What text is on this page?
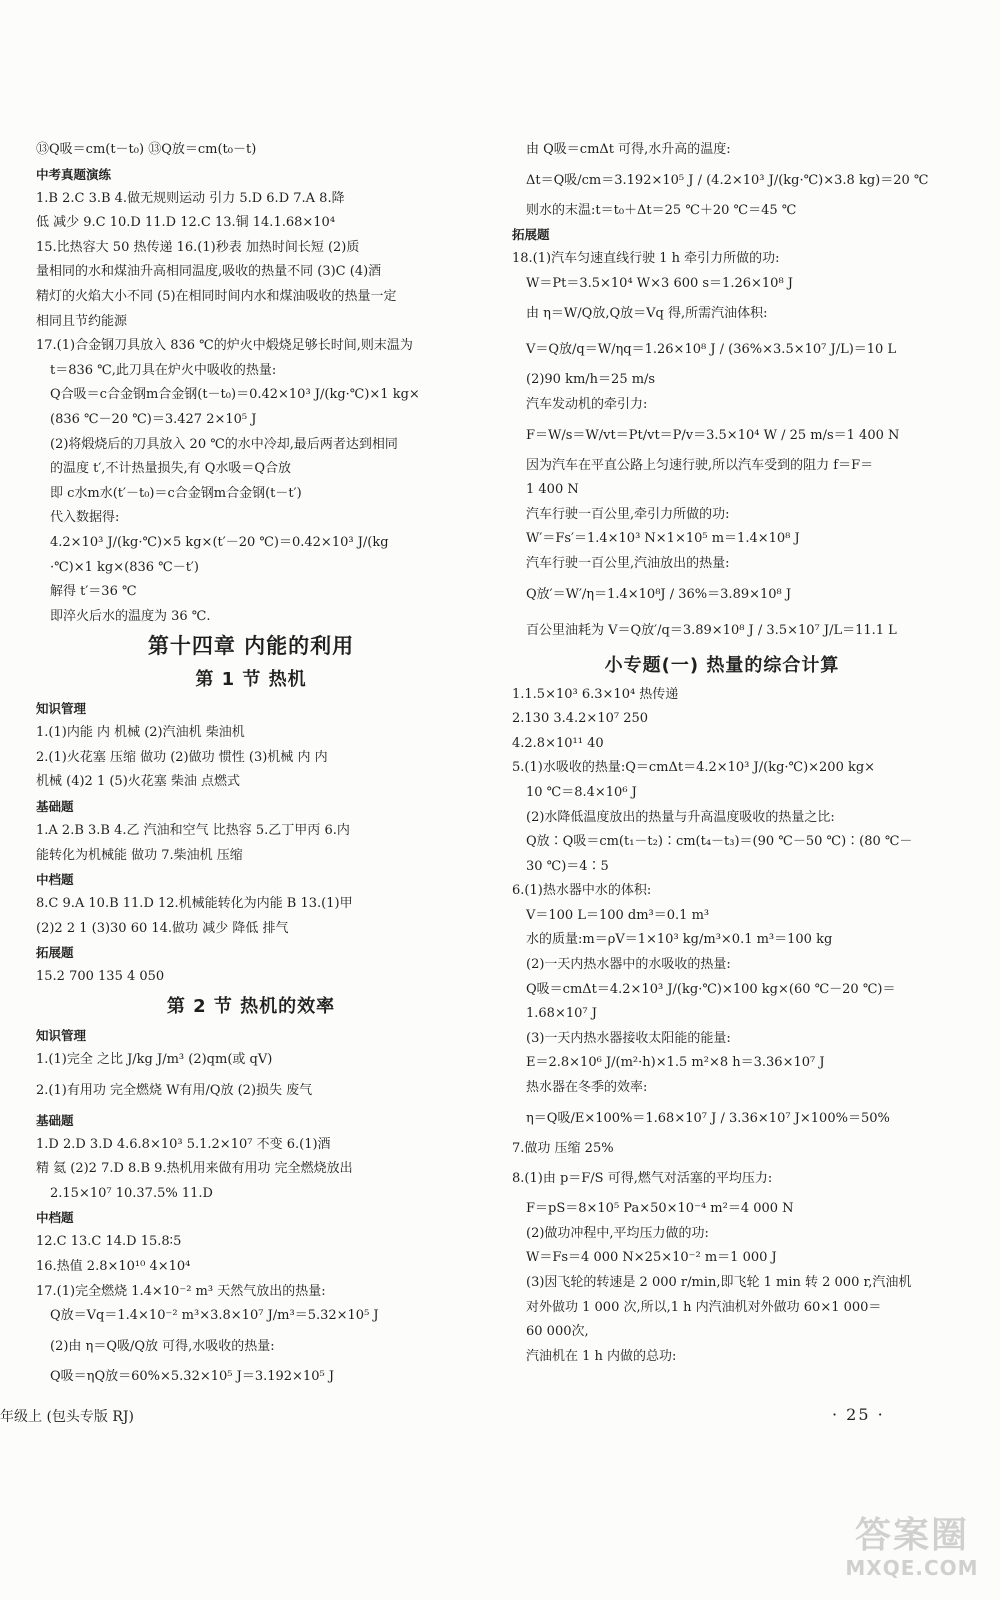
⑬Q吸＝cm(t－t₀) ⑬Q放＝cm(t₀－t)
中考真题演练
1.B 2.C 3.B 4.做无规则运动 引力 5.D 6.D 7.A 8.降
低 减少 9.C 10.D 11.D 12.C 13.铜 14.1.68×10⁴
15.比热容大 50 热传递 16.(1)秒表 加热时间长短 (2)质
量相同的水和煤油升高相同温度,吸收的热量不同 (3)C (4)酒
精灯的火焰大小不同 (5)在相同时间内水和煤油吸收的热量一定
相同且节约能源
17.(1)合金钢刀具放入 836 ℃的炉火中煅烧足够长时间,则末温为
t＝836 ℃,此刀具在炉火中吸收的热量:
Q合吸＝c合金钢m合金钢(t－t₀)＝0.42×10³ J/(kg·℃)×1 kg×
(836 ℃－20 ℃)＝3.427 2×10⁵ J
(2)将煅烧后的刀具放入 20 ℃的水中冷却,最后两者达到相同
的温度 t′,不计热量损失,有 Q水吸＝Q合放
即 c水m水(t′－t₀)＝c合金钢m合金钢(t－t′)
代入数据得:
4.2×10³ J/(kg·℃)×5 kg×(t′－20 ℃)＝0.42×10³ J/(kg
·℃)×1 kg×(836 ℃－t′)
解得 t′＝36 ℃
即淬火后水的温度为 36 ℃.
第十四章 内能的利用
第 1 节 热机
知识管理
1.(1)内能 内 机械 (2)汽油机 柴油机
2.(1)火花塞 压缩 做功 (2)做功 惯性 (3)机械 内 内
机械 (4)2 1 (5)火花塞 柴油 点燃式
基础题
1.A 2.B 3.B 4.乙 汽油和空气 比热容 5.乙丁甲丙 6.内
能转化为机械能 做功 7.柴油机 压缩
中档题
8.C 9.A 10.B 11.D 12.机械能转化为内能 B 13.(1)甲
(2)2 2 1 (3)30 60 14.做功 减少 降低 排气
拓展题
15.2 700 135 4 050
第 2 节 热机的效率
知识管理
1.(1)完全 之比 J/kg J/m³ (2)qm(或 qV)
2.(1)有用功 完全燃烧 W有用/Q放 (2)损失 废气
基础题
1.D 2.D 3.D 4.6.8×10³ 5.1.2×10⁷ 不变 6.(1)酒
精 氦 (2)2 7.D 8.B 9.热机用来做有用功 完全燃烧放出
2.15×10⁷ 10.37.5% 11.D
中档题
12.C 13.C 14.D 15.8∶5
16.热值 2.8×10¹⁰ 4×10⁴
17.(1)完全燃烧 1.4×10⁻² m³ 天然气放出的热量:
Q放＝Vq＝1.4×10⁻² m³×3.8×10⁷ J/m³＝5.32×10⁵ J
(2)由 η＝Q吸/Q放 可得,水吸收的热量:
Q吸＝ηQ放＝60%×5.32×10⁵ J＝3.192×10⁵ J
由 Q吸＝cmΔt 可得,水升高的温度:
Δt＝Q吸/cm＝3.192×10⁵ J / (4.2×10³ J/(kg·℃)×3.8 kg)＝20 ℃
则水的末温:t＝t₀＋Δt＝25 ℃＋20 ℃＝45 ℃
拓展题
18.(1)汽车匀速直线行驶 1 h 牵引力所做的功:
W＝Pt＝3.5×10⁴ W×3 600 s＝1.26×10⁸ J
由 η＝W/Q放,Q放＝Vq 得,所需汽油体积:
V＝Q放/q＝W/ηq＝1.26×10⁸ J / (36%×3.5×10⁷ J/L)＝10 L
(2)90 km/h＝25 m/s
汽车发动机的牵引力:
F＝W/s＝W/vt＝Pt/vt＝P/v＝3.5×10⁴ W / 25 m/s＝1 400 N
因为汽车在平直公路上匀速行驶,所以汽车受到的阻力 f＝F＝
1 400 N
汽车行驶一百公里,牵引力所做的功:
W′＝Fs′＝1.4×10³ N×1×10⁵ m＝1.4×10⁸ J
汽车行驶一百公里,汽油放出的热量:
Q放′＝W′/η＝1.4×10⁸J / 36%＝3.89×10⁸ J
百公里油耗为 V＝Q放′/q＝3.89×10⁸ J / 3.5×10⁷ J/L＝11.1 L
小专题(一) 热量的综合计算
1.1.5×10³ 6.3×10⁴ 热传递
2.130 3.4.2×10⁷ 250
4.2.8×10¹¹ 40
5.(1)水吸收的热量:Q＝cmΔt＝4.2×10³ J/(kg·℃)×200 kg×
10 ℃＝8.4×10⁶ J
(2)水降低温度放出的热量与升高温度吸收的热量之比:
Q放∶Q吸＝cm(t₁－t₂)∶cm(t₄－t₃)＝(90 ℃－50 ℃)∶(80 ℃－
30 ℃)＝4∶5
6.(1)热水器中水的体积:
V＝100 L＝100 dm³＝0.1 m³
水的质量:m＝ρV＝1×10³ kg/m³×0.1 m³＝100 kg
(2)一天内热水器中的水吸收的热量:
Q吸＝cmΔt＝4.2×10³ J/(kg·℃)×100 kg×(60 ℃－20 ℃)＝
1.68×10⁷ J
(3)一天内热水器接收太阳能的能量:
E＝2.8×10⁶ J/(m²·h)×1.5 m²×8 h＝3.36×10⁷ J
热水器在冬季的效率:
η＝Q吸/E×100%＝1.68×10⁷ J / 3.36×10⁷ J×100%＝50%
7.做功 压缩 25%
8.(1)由 p＝F/S 可得,燃气对活塞的平均压力:
F＝pS＝8×10⁵ Pa×50×10⁻⁴ m²＝4 000 N
(2)做功冲程中,平均压力做的功:
W＝Fs＝4 000 N×25×10⁻² m＝1 000 J
(3)因飞轮的转速是 2 000 r/min,即飞轮 1 min 转 2 000 r,汽油机
对外做功 1 000 次,所以,1 h 内汽油机对外做功 60×1 000＝
60 000次,
汽油机在 1 h 内做的总功:
年级上 (包头专版 RJ)	· 25 ·
答案圈
MXQE.COM
